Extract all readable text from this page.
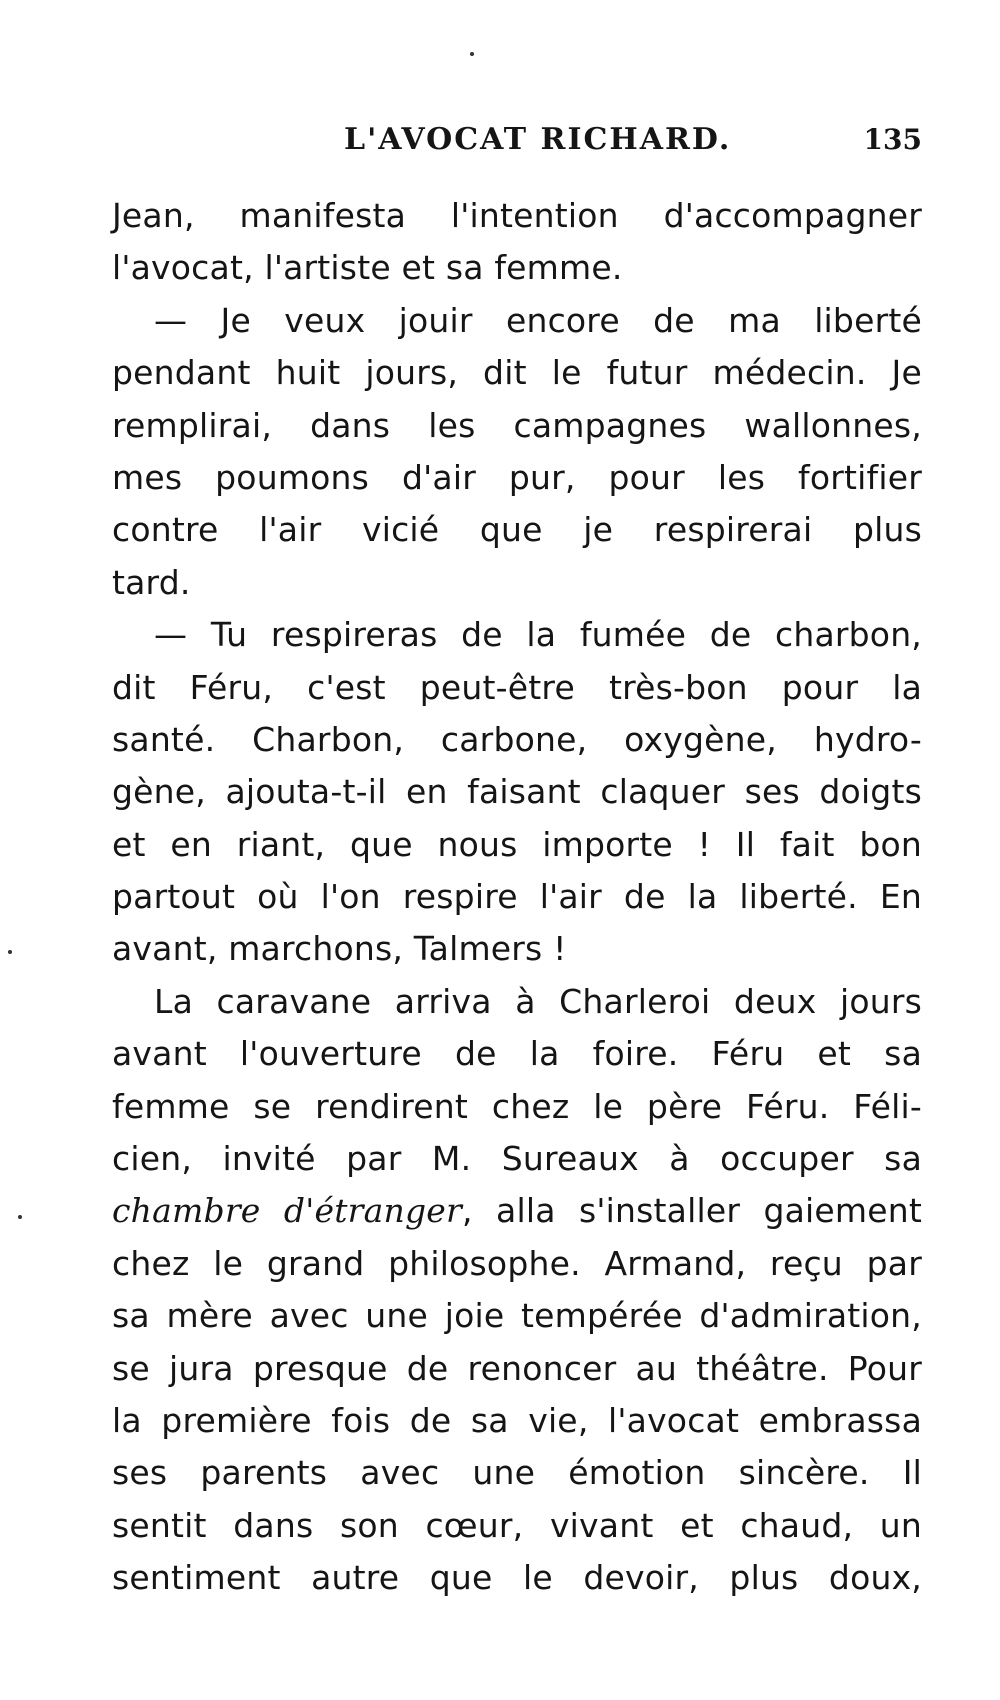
L'AVOCAT RICHARD.	135
Jean, manifesta l'intention d'accompagner
l'avocat, l'artiste et sa femme.
— Je veux jouir encore de ma liberté
pendant huit jours, dit le futur médecin. Je
remplirai, dans les campagnes wallonnes,
mes poumons d'air pur, pour les fortifier
contre l'air vicié que je respirerai plus
tard.
— Tu respireras de la fumée de charbon,
dit Féru, c'est peut-être très-bon pour la
santé. Charbon, carbone, oxygène, hydro-
gène, ajouta-t-il en faisant claquer ses doigts
et en riant, que nous importe ! Il fait bon
partout où l'on respire l'air de la liberté. En
avant, marchons, Talmers !
La caravane arriva à Charleroi deux jours
avant l'ouverture de la foire. Féru et sa
femme se rendirent chez le père Féru. Féli-
cien, invité par M. Sureaux à occuper sa
chambre d'étranger, alla s'installer gaiement
chez le grand philosophe. Armand, reçu par
sa mère avec une joie tempérée d'admiration,
se jura presque de renoncer au théâtre. Pour
la première fois de sa vie, l'avocat embrassa
ses parents avec une émotion sincère. Il
sentit dans son cœur, vivant et chaud, un
sentiment autre que le devoir, plus doux,
